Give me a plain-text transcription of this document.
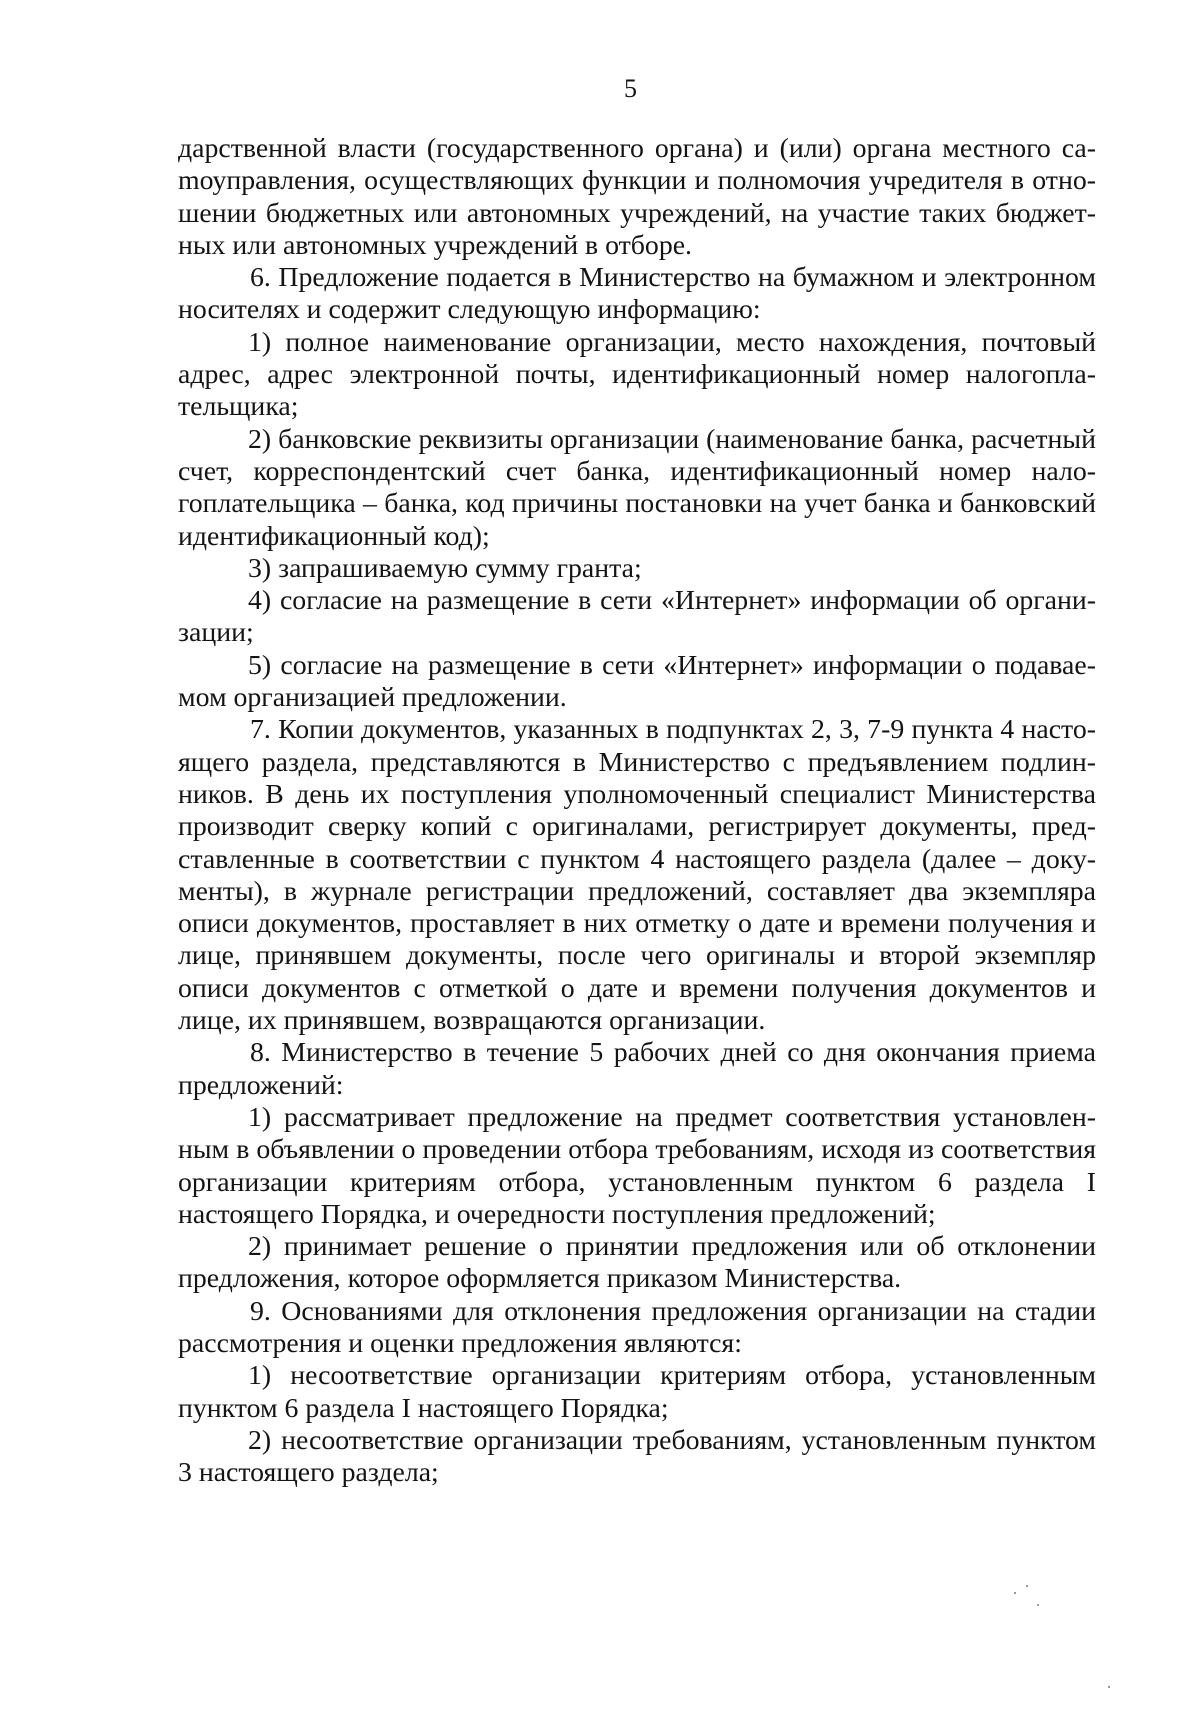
5

дарственной власти (государственного органа) и (или) органа местного саmоуправления, осуществляющих функции и полномочия учредителя в отношении бюджетных или автономных учреждений, на участие таких бюджетных или автономных учреждений в отборе.

6. Предложение подается в Министерство на бумажном и электронном носителях и содержит следующую информацию:

1) полное наименование организации, место нахождения, почтовый адрес, адрес электронной почты, идентификационный номер налогоплательщика;

2) банковские реквизиты организации (наименование банка, расчетный счет, корреспондентский счет банка, идентификационный номер налогоплательщика – банка, код причины постановки на учет банка и банковский идентификационный код);

3) запрашиваемую сумму гранта;

4) согласие на размещение в сети «Интернет» информации об организации;

5) согласие на размещение в сети «Интернет» информации о подаваемом организацией предложении.

7. Копии документов, указанных в подпунктах 2, 3, 7-9 пункта 4 настоящего раздела, представляются в Министерство с предъявлением подлинников. В день их поступления уполномоченный специалист Министерства производит сверку копий с оригиналами, регистрирует документы, представленные в соответствии с пунктом 4 настоящего раздела (далее – документы), в журнале регистрации предложений, составляет два экземпляра описи документов, проставляет в них отметку о дате и времени получения и лице, принявшем документы, после чего оригиналы и второй экземпляр описи документов с отметкой о дате и времени получения документов и лице, их принявшем, возвращаются организации.

8. Министерство в течение 5 рабочих дней со дня окончания приема предложений:

1) рассматривает предложение на предмет соответствия установленным в объявлении о проведении отбора требованиям, исходя из соответствия организации критериям отбора, установленным пунктом 6 раздела I настоящего Порядка, и очередности поступления предложений;

2) принимает решение о принятии предложения или об отклонении предложения, которое оформляется приказом Министерства.

9. Основаниями для отклонения предложения организации на стадии рассмотрения и оценки предложения являются:

1) несоответствие организации критериям отбора, установленным пунктом 6 раздела I настоящего Порядка;

2) несоответствие организации требованиям, установленным пунктом 3 настоящего раздела;
